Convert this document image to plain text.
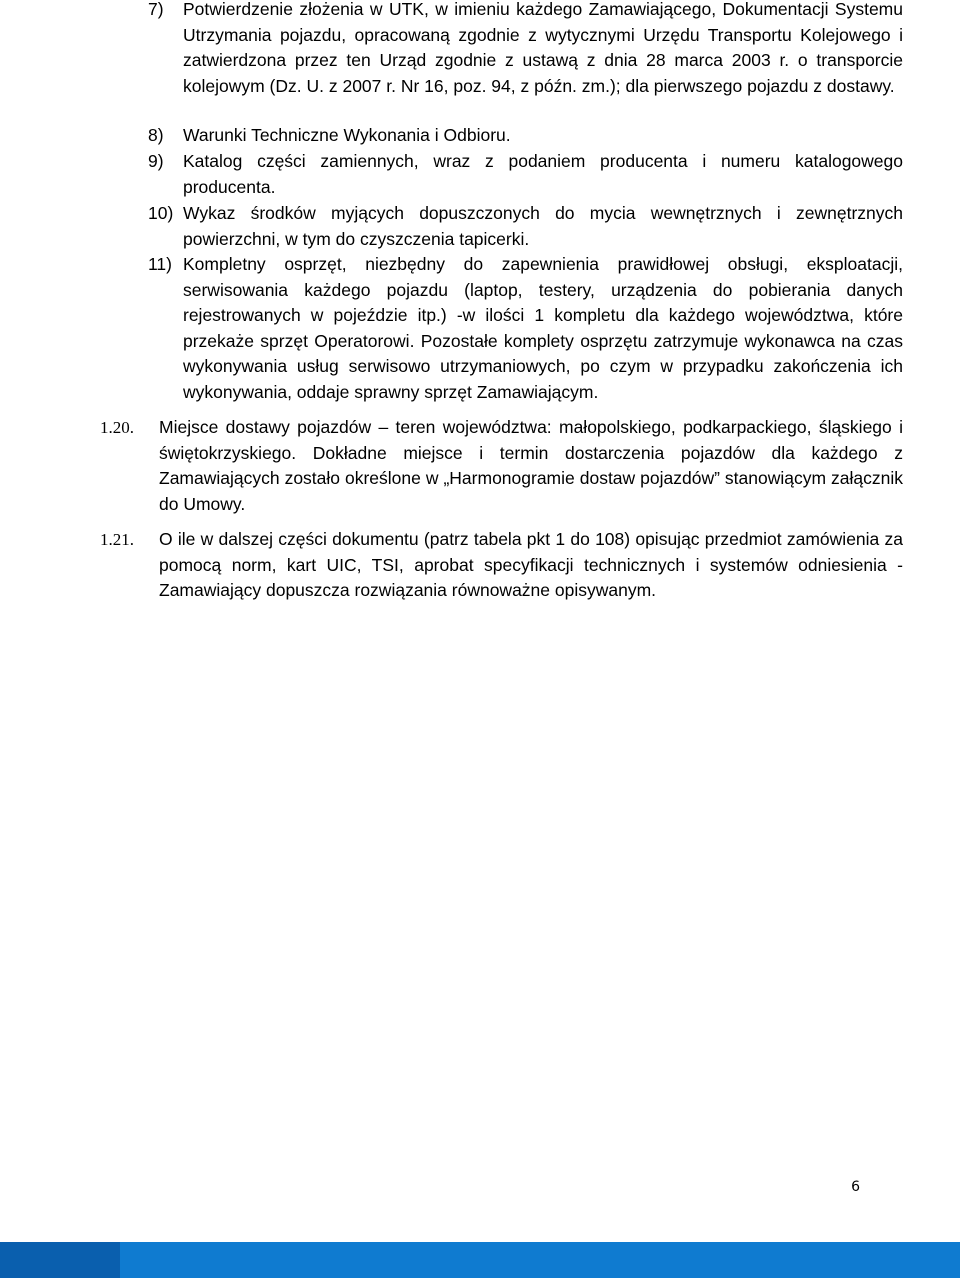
7) Potwierdzenie złożenia w UTK, w imieniu każdego Zamawiającego, Dokumentacji Systemu Utrzymania pojazdu, opracowaną zgodnie z wytycznymi Urzędu Transportu Kolejowego i zatwierdzona przez ten Urząd zgodnie z ustawą z dnia 28 marca 2003 r. o transporcie kolejowym (Dz. U. z 2007 r. Nr 16, poz. 94, z późn. zm.); dla pierwszego pojazdu z dostawy.
8) Warunki Techniczne Wykonania i Odbioru.
9) Katalog części zamiennych, wraz z podaniem producenta i numeru katalogowego producenta.
10) Wykaz środków myjących dopuszczonych do mycia wewnętrznych i zewnętrznych powierzchni, w tym do czyszczenia tapicerki.
11) Kompletny osprzęt, niezbędny do zapewnienia prawidłowej obsługi, eksploatacji, serwisowania każdego pojazdu (laptop, testery, urządzenia do pobierania danych rejestrowanych w pojeździe itp.) -w ilości 1 kompletu dla każdego województwa, które przekaże sprzęt Operatorowi. Pozostałe komplety osprzętu zatrzymuje wykonawca na czas wykonywania usług serwisowo utrzymaniowych, po czym w przypadku zakończenia ich wykonywania, oddaje sprawny sprzęt Zamawiającym.
1.20. Miejsce dostawy pojazdów – teren województwa: małopolskiego, podkarpackiego, śląskiego i świętokrzyskiego. Dokładne miejsce i termin dostarczenia pojazdów dla każdego z Zamawiających zostało określone w „Harmonogramie dostaw pojazdów” stanowiącym załącznik do Umowy.
1.21. O ile w dalszej części dokumentu (patrz tabela pkt 1 do 108) opisując przedmiot zamówienia za pomocą norm, kart UIC, TSI, aprobat specyfikacji technicznych i systemów odniesienia - Zamawiający dopuszcza rozwiązania równoważne opisywanym.
6
